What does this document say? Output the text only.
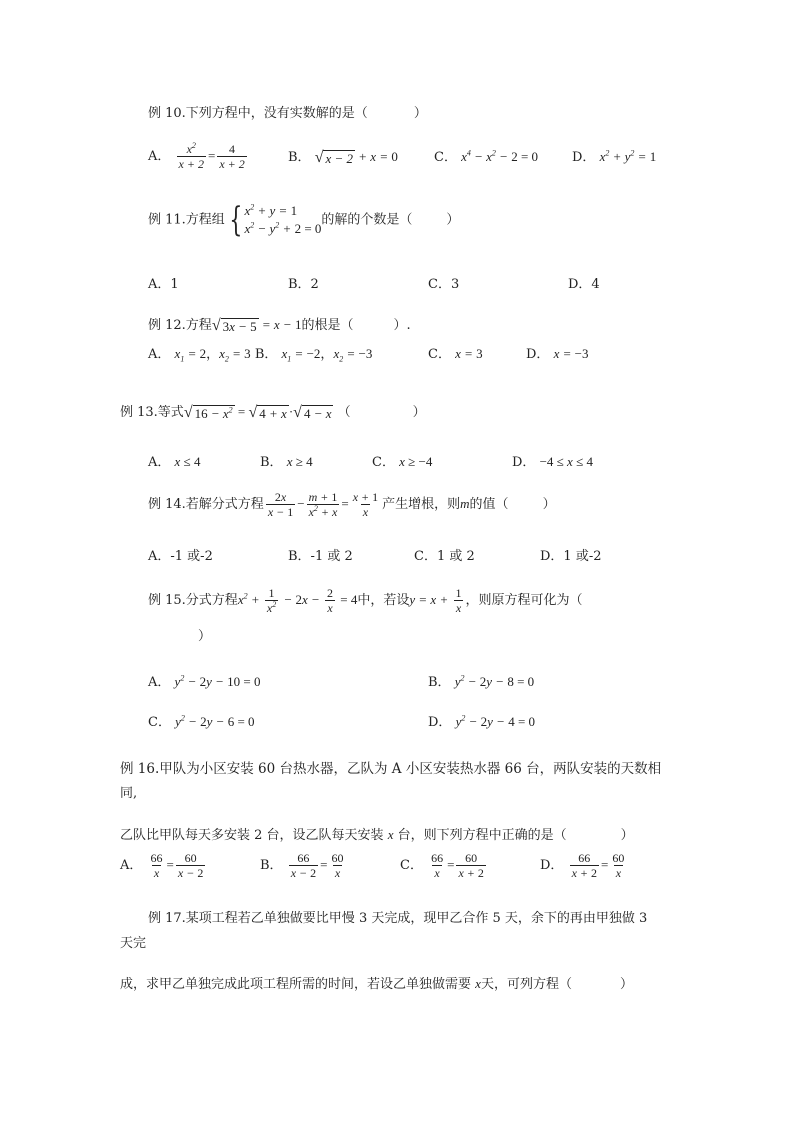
例 10.下列方程中，没有实数解的是（	）
A． $\frac{x^2}{x + 2} = \frac{4}{x + 2}$	B． √ x − 2 + x = 0	C． $x^4 - x^2 - 2 = 0$	D． $x^2 + y^2 = 1$
例 11.方程组 { $x^2 + y = 1$
$x^2 - y^2 + 2 = 0$
的解的个数是（	）
A．1	B．2	C．3	D．4
例 12.方程 √ 3x − 5 = x − 1的根是（	）.
A． $x_1 = 2$，$x_2 = 3$ B． $x_1 = -2$，$x_2 = -3$	C． x = 3	D． x = −3
例 13.等式 √ $16 - x^2$ = √ 4 + x · √ 4 − x （	）
A． x ≤ 4	B． x ≥ 4	C． x ≥ −4	D． −4 ≤ x ≤ 4
例 14.若解分式方程 $\frac{2x}{x - 1} - \frac{m + 1}{x^2 + x} = \frac{x + 1}{x}$ 产生增根，则m的值（	）
A．-1 或-2	B．-1 或 2	C．1 或 2	D．1 或-2
例 15.分式方程$x^2 + \frac{1}{x^2} - 2x - \frac{2}{x} = 4$中，若设$y = x + \frac{1}{x}$ ，则原方程可化为（
）
A． $y^2 - 2y - 10 = 0$	B． $y^2 - 2y - 8 = 0$
C． $y^2 - 2y - 6 = 0$	D． $y^2 - 2y - 4 = 0$
例 16.甲队为小区安装 60 台热水器，乙队为 A 小区安装热水器 66 台，两队安装的天数相
同,
乙队比甲队每天多安装 2 台，设乙队每天安装 x 台，则下列方程中正确的是（	）
A． $\frac{66}{x} = \frac{60}{x - 2}$	B． $\frac{66}{x - 2} = \frac{60}{x}$	C． $\frac{66}{x} = \frac{60}{x + 2}$	D． $\frac{66}{x + 2} = \frac{60}{x}$
例 17.某项工程若乙单独做要比甲慢 3 天完成，现甲乙合作 5 天，余下的再由甲独做 3
天完
成，求甲乙单独完成此项工程所需的时间，若设乙单独做需要 x天，可列方程（	）
